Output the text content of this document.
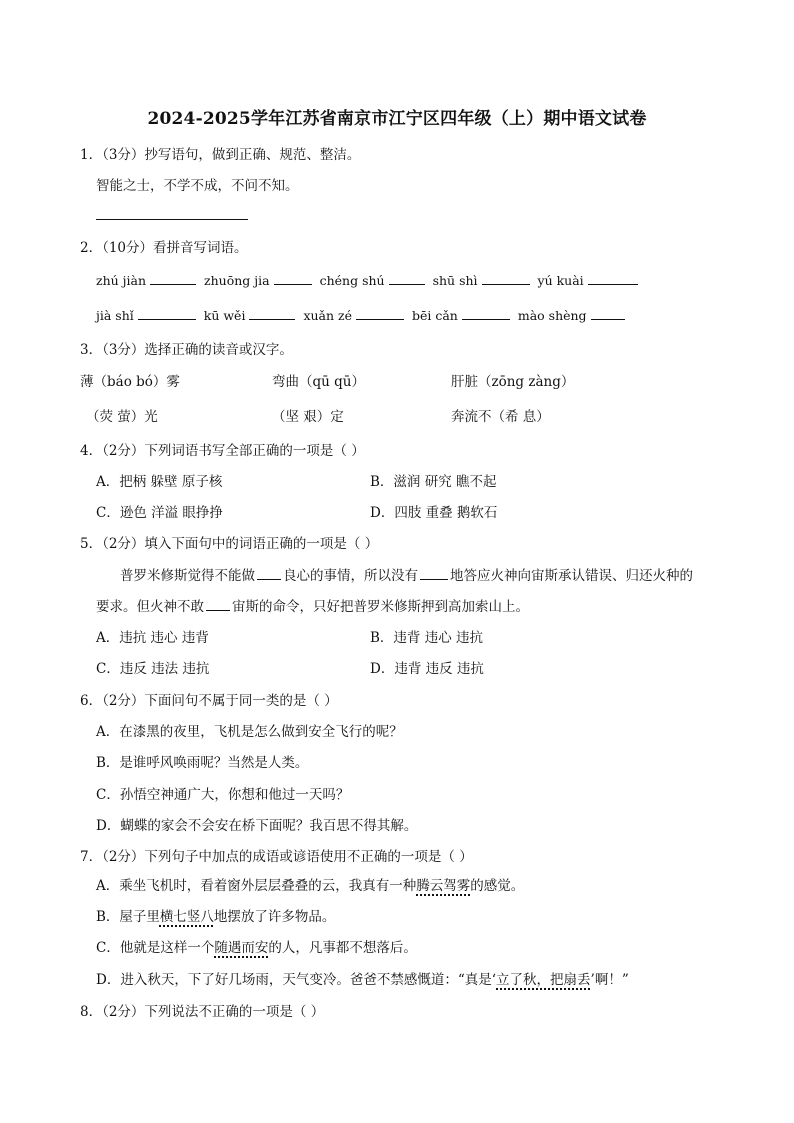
2024-2025学年江苏省南京市江宁区四年级（上）期中语文试卷
1．（3分）抄写语句，做到正确、规范、整洁。
智能之士，不学不成，不问不知。
2．（10分）看拼音写词语。
zhú jiàn	zhuōng jia	chéng shú	shū shì	yú kuài
jià shǐ	kū wěi	xuǎn zé	bēi cǎn	mào shèng
3．（3分）选择正确的读音或汉字。
薄（báo bó）雾	弯曲（qū qū）	肝脏（zōng zàng）
（荧 萤）光	（坚 艰）定	奔流不（希 息）
4．（2分）下列词语书写全部正确的一项是（ ）
A．把柄 躲壁 原子核	B．滋润 研究 瞧不起
C．逊色 洋溢 眼挣挣	D．四肢 重叠 鹅软石
5．（2分）填入下面句中的词语正确的一项是（ ）
普罗米修斯觉得不能做 良心的事情，所以没有 地答应火神向宙斯承认错误、归还火种的
要求。但火神不敢 宙斯的命令，只好把普罗米修斯押到高加索山上。
A．违抗 违心 违背	B．违背 违心 违抗
C．违反 违法 违抗	D．违背 违反 违抗
6．（2分）下面问句不属于同一类的是（ ）
A．在漆黑的夜里，飞机是怎么做到安全飞行的呢？
B．是谁呼风唤雨呢？当然是人类。
C．孙悟空神通广大，你想和他过一天吗？
D．蝴蝶的家会不会安在桥下面呢？我百思不得其解。
7．（2分）下列句子中加点的成语或谚语使用不正确的一项是（ ）
A．乘坐飞机时，看着窗外层层叠叠的云，我真有一种腾云驾雾的感觉。
B．屋子里横七竖八地摆放了许多物品。
C．他就是这样一个随遇而安的人，凡事都不想落后。
D．进入秋天，下了好几场雨，天气变冷。爸爸不禁感慨道：“真是‘立了秋，把扇丢’啊！”
8．（2分）下列说法不正确的一项是（ ）
